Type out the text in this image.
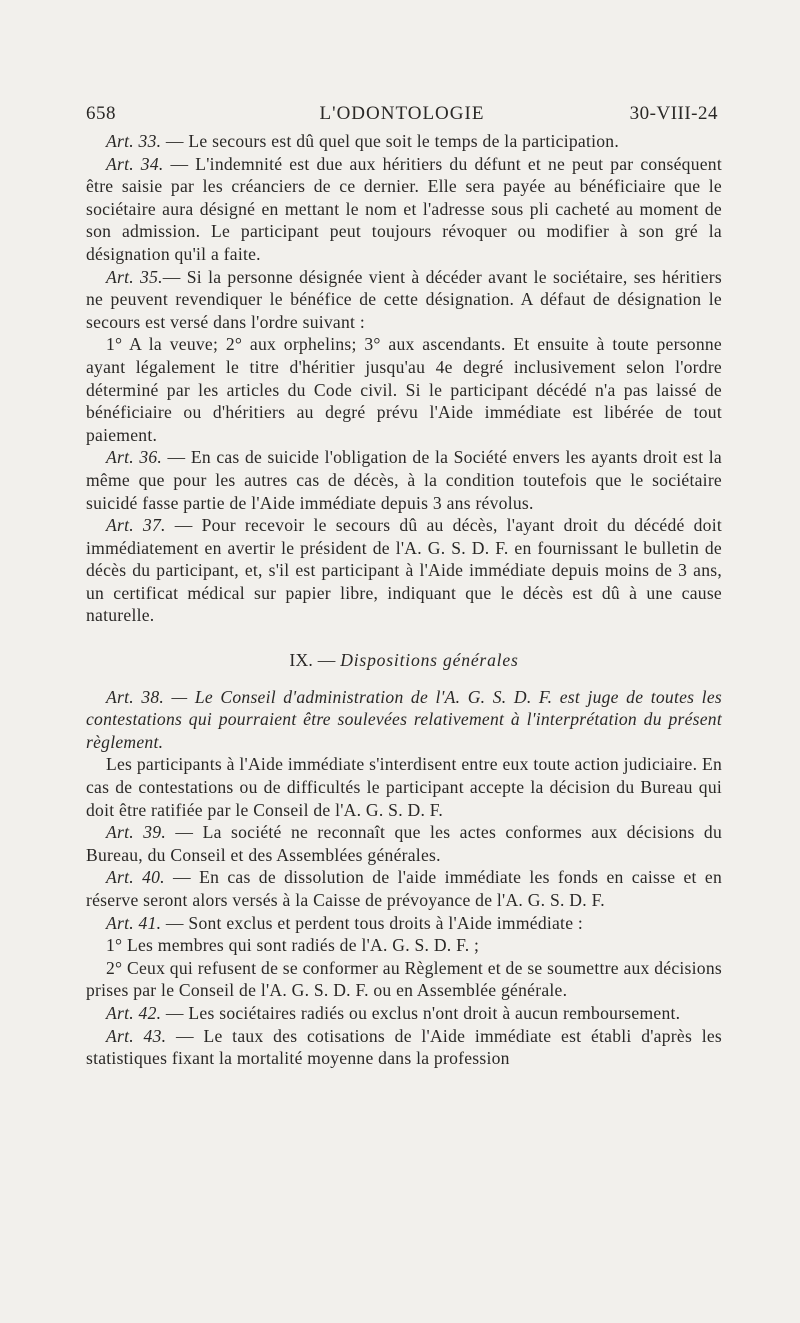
658	L'ODONTOLOGIE	30-VIII-24

Art. 33. — Le secours est dû quel que soit le temps de la participation.

Art. 34. — L'indemnité est due aux héritiers du défunt et ne peut par conséquent être saisie par les créanciers de ce dernier. Elle sera payée au bénéficiaire que le sociétaire aura désigné en mettant le nom et l'adresse sous pli cacheté au moment de son admission. Le participant peut toujours révoquer ou modifier à son gré la désignation qu'il a faite.

Art. 35.— Si la personne désignée vient à décéder avant le sociétaire, ses héritiers ne peuvent revendiquer le bénéfice de cette désignation. A défaut de désignation le secours est versé dans l'ordre suivant :

1° A la veuve; 2° aux orphelins; 3° aux ascendants. Et ensuite à toute personne ayant légalement le titre d'héritier jusqu'au 4e degré inclusivement selon l'ordre déterminé par les articles du Code civil. Si le participant décédé n'a pas laissé de bénéficiaire ou d'héritiers au degré prévu l'Aide immédiate est libérée de tout paiement.

Art. 36. — En cas de suicide l'obligation de la Société envers les ayants droit est la même que pour les autres cas de décès, à la condition toutefois que le sociétaire suicidé fasse partie de l'Aide immédiate depuis 3 ans révolus.

Art. 37. — Pour recevoir le secours dû au décès, l'ayant droit du décédé doit immédiatement en avertir le président de l'A. G. S. D. F. en fournissant le bulletin de décès du participant, et, s'il est participant à l'Aide immédiate depuis moins de 3 ans, un certificat médical sur papier libre, indiquant que le décès est dû à une cause naturelle.

IX. — Dispositions générales

Art. 38. — Le Conseil d'administration de l'A. G. S. D. F. est juge de toutes les contestations qui pourraient être soulevées relativement à l'interprétation du présent règlement.

Les participants à l'Aide immédiate s'interdisent entre eux toute action judiciaire. En cas de contestations ou de difficultés le participant accepte la décision du Bureau qui doit être ratifiée par le Conseil de l'A. G. S. D. F.

Art. 39. — La société ne reconnaît que les actes conformes aux décisions du Bureau, du Conseil et des Assemblées générales.

Art. 40. — En cas de dissolution de l'aide immédiate les fonds en caisse et en réserve seront alors versés à la Caisse de prévoyance de l'A. G. S. D. F.

Art. 41. — Sont exclus et perdent tous droits à l'Aide immédiate :

1° Les membres qui sont radiés de l'A. G. S. D. F. ;

2° Ceux qui refusent de se conformer au Règlement et de se soumettre aux décisions prises par le Conseil de l'A. G. S. D. F. ou en Assemblée générale.

Art. 42. — Les sociétaires radiés ou exclus n'ont droit à aucun remboursement.

Art. 43. — Le taux des cotisations de l'Aide immédiate est établi d'après les statistiques fixant la mortalité moyenne dans la profession
